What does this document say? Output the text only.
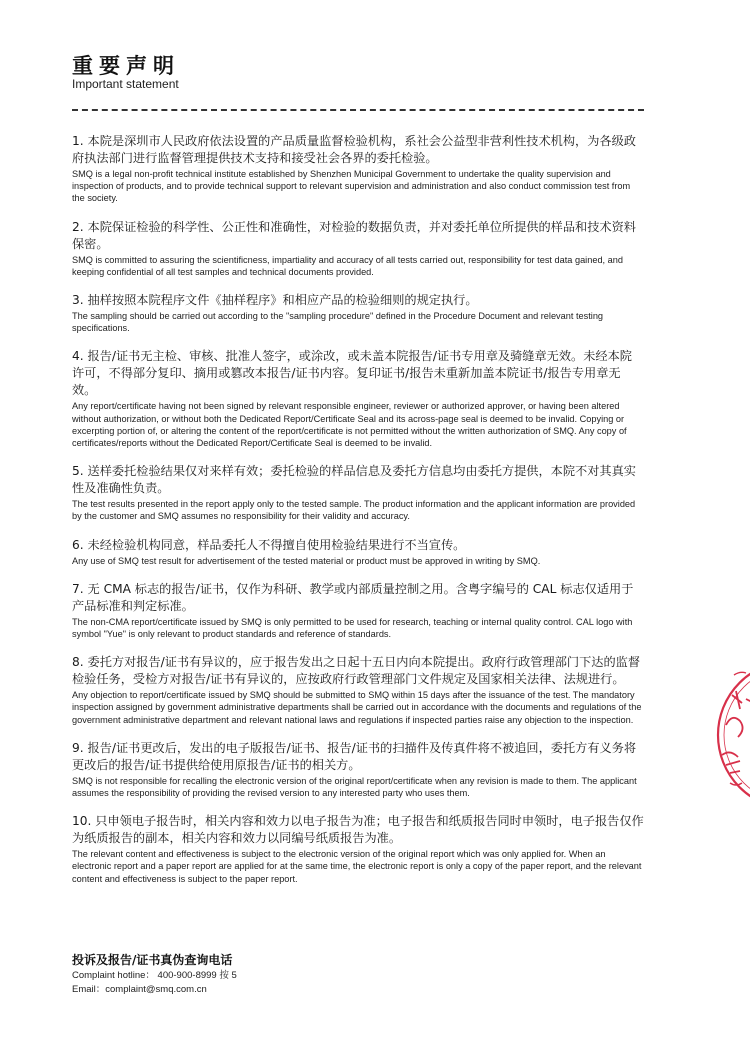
重要声明
Important statement
1. 本院是深圳市人民政府依法设置的产品质量监督检验机构，系社会公益型非营利性技术机构，为各级政府执法部门进行监督管理提供技术支持和接受社会各界的委托检验。
SMQ is a legal non-profit technical institute established by Shenzhen Municipal Government to undertake the quality supervision and inspection of products, and to provide technical support to relevant supervision and administration and also conduct commission test from the society.
2. 本院保证检验的科学性、公正性和准确性，对检验的数据负责，并对委托单位所提供的样品和技术资料保密。
SMQ is committed to assuring the scientificness, impartiality and accuracy of all tests carried out, responsibility for test data gained, and keeping confidential of all test samples and technical documents provided.
3. 抽样按照本院程序文件《抽样程序》和相应产品的检验细则的规定执行。
The sampling should be carried out according to the "sampling procedure" defined in the Procedure Document and relevant testing specifications.
4. 报告/证书无主检、审核、批准人签字，或涂改，或未盖本院报告/证书专用章及骑缝章无效。未经本院许可，不得部分复印、摘用或篡改本报告/证书内容。复印证书/报告未重新加盖本院证书/报告专用章无效。
Any report/certificate having not been signed by relevant responsible engineer, reviewer or authorized approver, or having been altered without authorization, or without both the Dedicated Report/Certificate Seal and its across-page seal is deemed to be invalid. Copying or excerpting portion of, or altering the content of the report/certificate is not permitted without the written authorization of SMQ. Any copy of certificates/reports without the Dedicated Report/Certificate Seal is deemed to be invalid.
5. 送样委托检验结果仅对来样有效；委托检验的样品信息及委托方信息均由委托方提供，本院不对其真实性及准确性负责。
The test results presented in the report apply only to the tested sample. The product information and the applicant information are provided by the customer and SMQ assumes no responsibility for their validity and accuracy.
6. 未经检验机构同意，样品委托人不得擅自使用检验结果进行不当宣传。
Any use of SMQ test result for advertisement of the tested material or product must be approved in writing by SMQ.
7. 无 CMA 标志的报告/证书，仅作为科研、教学或内部质量控制之用。含粤字编号的 CAL 标志仅适用于产品标准和判定标准。
The non-CMA report/certificate issued by SMQ is only permitted to be used for research, teaching or internal quality control. CAL logo with symbol "Yue" is only relevant to product standards and reference of standards.
8. 委托方对报告/证书有异议的，应于报告发出之日起十五日内向本院提出。政府行政管理部门下达的监督检验任务，受检方对报告/证书有异议的，应按政府行政管理部门文件规定及国家相关法律、法规进行。
Any objection to report/certificate issued by SMQ should be submitted to SMQ within 15 days after the issuance of the test. The mandatory inspection assigned by government administrative departments shall be carried out in accordance with the documents and regulations of the government administrative department and relevant national laws and regulations if inspected parties raise any objection to the inspection.
9. 报告/证书更改后，发出的电子版报告/证书、报告/证书的扫描件及传真件将不被追回，委托方有义务将更改后的报告/证书提供给使用原报告/证书的相关方。
SMQ is not responsible for recalling the electronic version of the original report/certificate when any revision is made to them. The applicant assumes the responsibility of providing the revised version to any interested party who uses them.
10. 只申领电子报告时，相关内容和效力以电子报告为准；电子报告和纸质报告同时申领时，电子报告仅作为纸质报告的副本，相关内容和效力以同编号纸质报告为准。
The relevant content and effectiveness is subject to the electronic version of the original report which was only applied for. When an electronic report and a paper report are applied for at the same time, the electronic report is only a copy of the paper report, and the relevant content and effectiveness is subject to the paper report.
投诉及报告/证书真伪查询电话
Complaint hotline： 400-900-8999 按 5
Email：complaint@smq.com.cn
